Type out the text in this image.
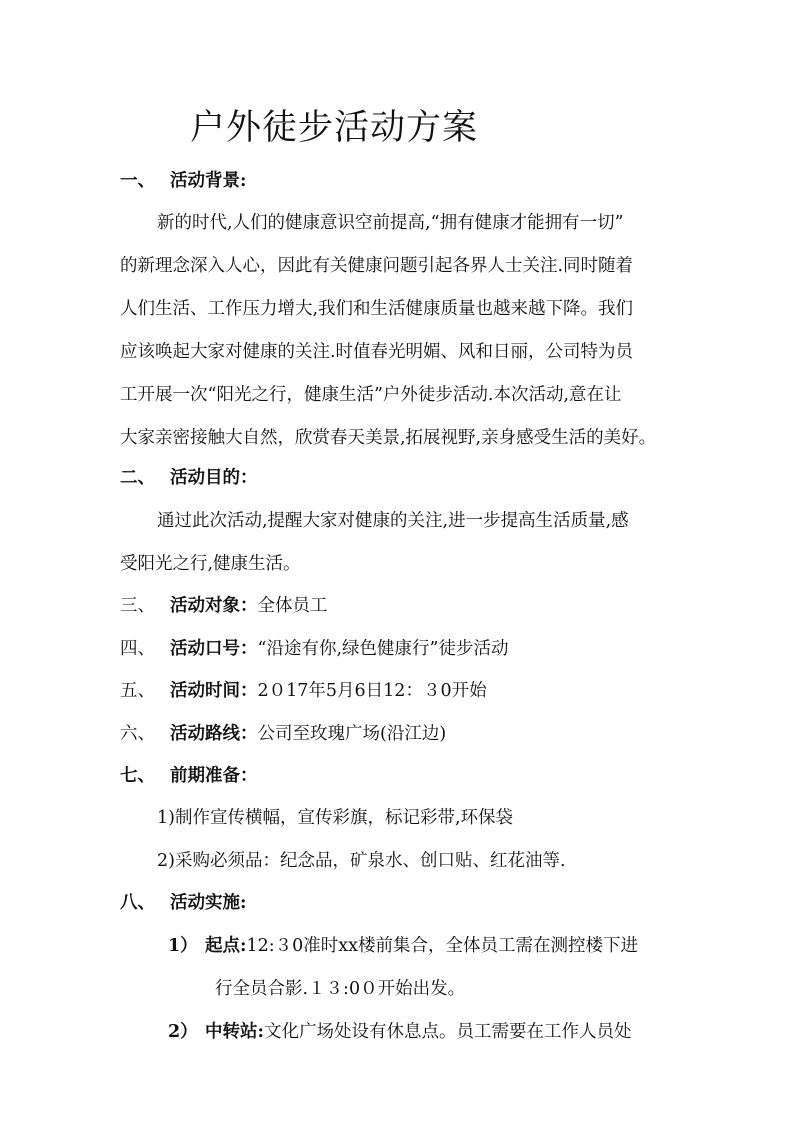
户外徒步活动方案
一、 活动背景:
新的时代,人们的健康意识空前提高,“拥有健康才能拥有一切”
的新理念深入人心，因此有关健康问题引起各界人士关注.同时随着
人们生活、工作压力增大,我们和生活健康质量也越来越下降。我们
应该唤起大家对健康的关注.时值春光明媚、风和日丽，公司特为员
工开展一次“阳光之行，健康生活”户外徒步活动.本次活动,意在让
大家亲密接触大自然，欣赏春天美景,拓展视野,亲身感受生活的美好。
二、 活动目的：
通过此次活动,提醒大家对健康的关注,进一步提高生活质量,感
受阳光之行,健康生活。
三、 活动对象：全体员工
四、 活动口号：“沿途有你,绿色健康行”徒步活动
五、 活动时间：2０17年5月6日12：３0开始
六、 活动路线：公司至玫瑰广场(沿江边)
七、 前期准备：
1)制作宣传横幅，宣传彩旗，标记彩带,环保袋
2)采购必须品：纪念品，矿泉水、创口贴、红花油等.
八、 活动实施:
1） 起点:12:３0准时xx楼前集合，全体员工需在测控楼下进
行全员合影.１３:0０开始出发。
2） 中转站:文化广场处设有休息点。员工需要在工作人员处
